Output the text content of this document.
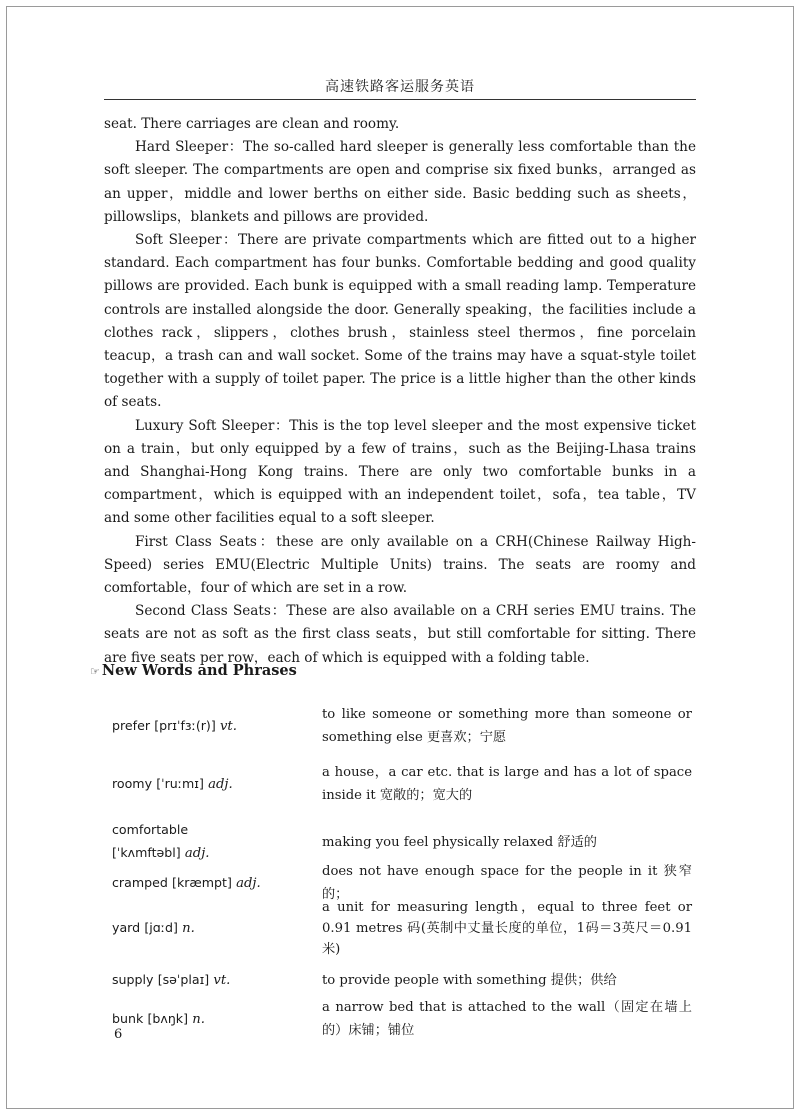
高速铁路客运服务英语

seat. There carriages are clean and roomy.

Hard Sleeper：The so-called hard sleeper is generally less comfortable than the soft sleeper. The compartments are open and comprise six fixed bunks，arranged as an upper，middle and lower berths on either side. Basic bedding such as sheets，pillowslips，blankets and pillows are provided.

Soft Sleeper：There are private compartments which are fitted out to a higher standard. Each compartment has four bunks. Comfortable bedding and good quality pillows are provided. Each bunk is equipped with a small reading lamp. Temperature controls are installed alongside the door. Generally speaking，the facilities include a clothes rack，slippers，clothes brush，stainless steel thermos，fine porcelain teacup，a trash can and wall socket. Some of the trains may have a squat-style toilet together with a supply of toilet paper. The price is a little higher than the other kinds of seats.

Luxury Soft Sleeper：This is the top level sleeper and the most expensive ticket on a train，but only equipped by a few of trains，such as the Beijing-Lhasa trains and Shanghai-Hong Kong trains. There are only two comfortable bunks in a compartment，which is equipped with an independent toilet，sofa，tea table，TV and some other facilities equal to a soft sleeper.

First Class Seats：these are only available on a CRH(Chinese Railway High-Speed) series EMU(Electric Multiple Units) trains. The seats are roomy and comfortable，four of which are set in a row.

Second Class Seats：These are also available on a CRH series EMU trains. The seats are not as soft as the first class seats，but still comfortable for sitting. There are five seats per row，each of which is equipped with a folding table.

☞ New Words and Phrases
prefer [prɪˈfɜː(r)] vt.
to like someone or something more than someone or something else 更喜欢；宁愿
roomy [ˈruːmɪ] adj.
a house，a car etc. that is large and has a lot of space inside it 宽敞的；宽大的
comfortable
[ˈkʌmftəbl] adj.
making you feel physically relaxed 舒适的
cramped [kræmpt] adj.
does not have enough space for the people in it 狭窄的；
yard [jɑːd] n.
a unit for measuring length，equal to three feet or 0.91 metres 码(英制中丈量长度的单位，1码＝3英尺＝0.91米)
supply [səˈplaɪ] vt.	to provide people with something 提供；供给
bunk [bʌŋk] n.
a narrow bed that is attached to the wall（固定在墙上的）床铺；铺位
6
